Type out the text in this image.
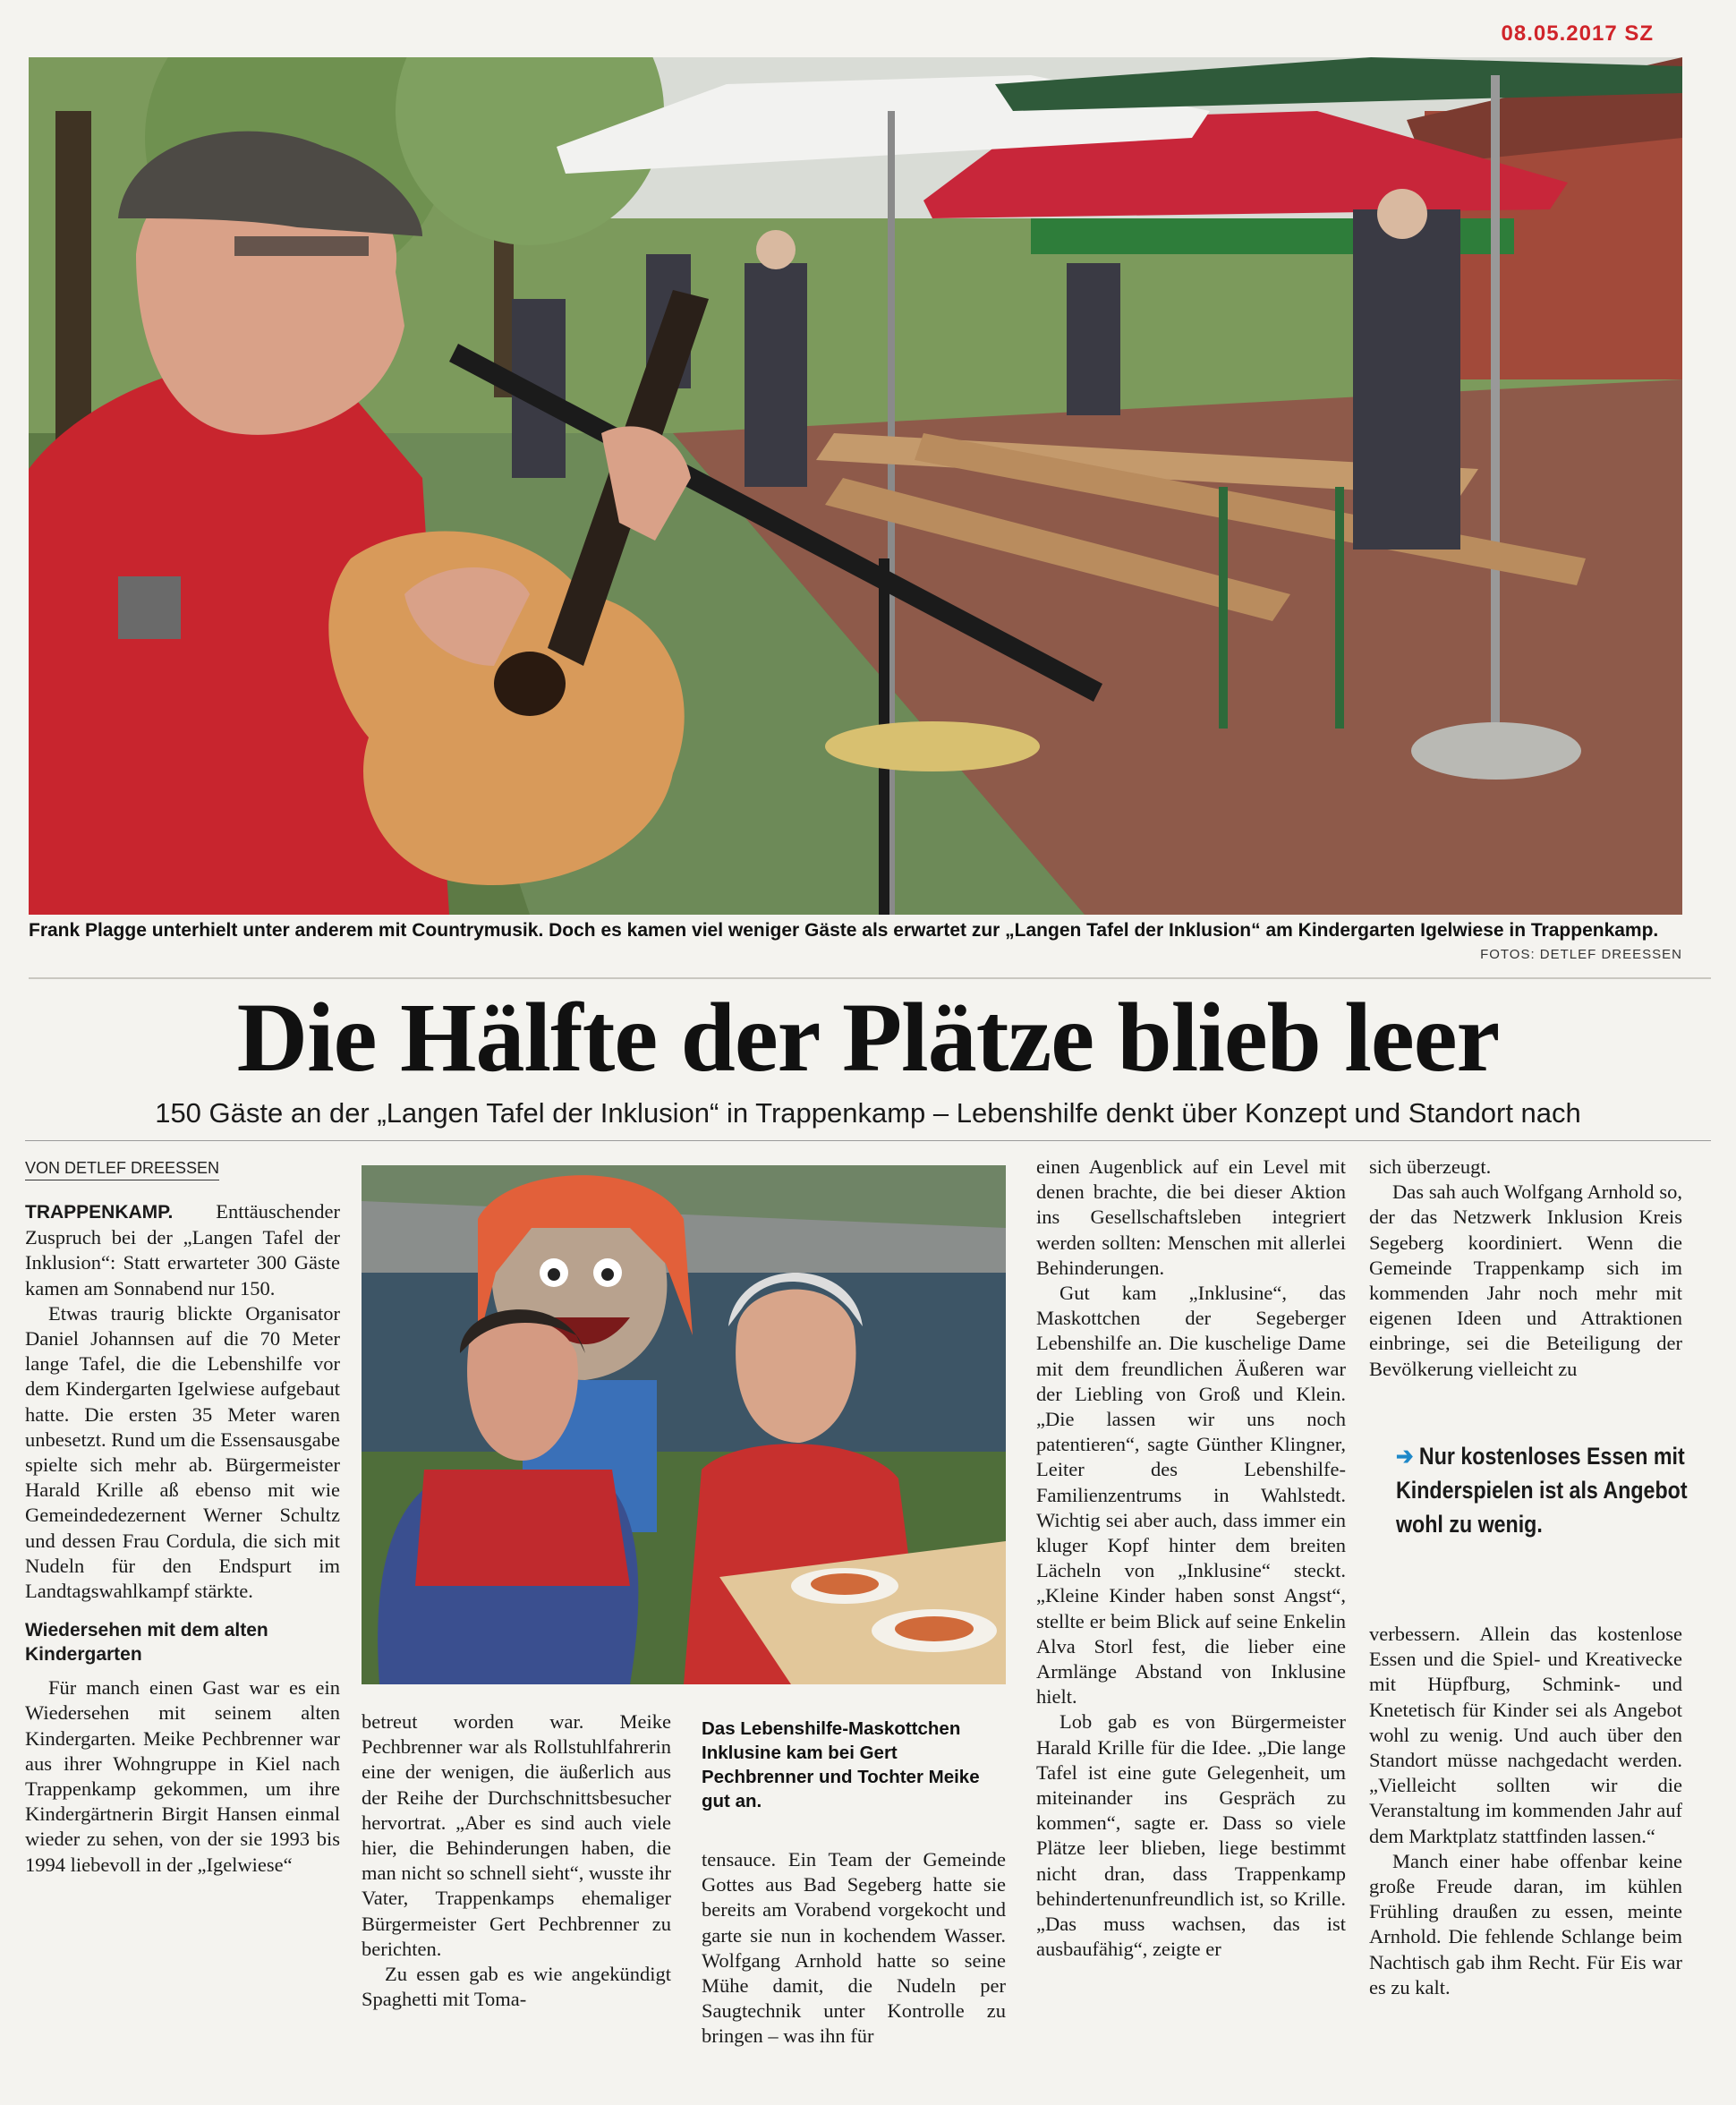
08.05.2017 SZ
Frank Plagge unterhielt unter anderem mit Countrymusik. Doch es kamen viel weniger Gäste als erwartet zur „Langen Tafel der Inklusion“ am Kindergarten Igelwiese in Trappenkamp.
FOTOS: DETLEF DREESSEN
Die Hälfte der Plätze blieb leer
150 Gäste an der „Langen Tafel der Inklusion“ in Trappenkamp – Lebenshilfe denkt über Konzept und Standort nach
VON DETLEF DREESSEN

TRAPPENKAMP. Enttäuschender Zuspruch bei der „Langen Tafel der Inklusion“: Statt erwarteter 300 Gäste kamen am Sonnabend nur 150.

Etwas traurig blickte Organisator Daniel Johannsen auf die 70 Meter lange Tafel, die die Lebenshilfe vor dem Kindergarten Igelwiese aufgebaut hatte. Die ersten 35 Meter waren unbesetzt. Rund um die Essensausgabe spielte sich mehr ab. Bürgermeister Harald Krille aß ebenso mit wie Gemeindedezernent Werner Schultz und dessen Frau Cordula, die sich mit Nudeln für den Endspurt im Landtagswahlkampf stärkte.

Wiedersehen mit dem alten Kindergarten

Für manch einen Gast war es ein Wiedersehen mit seinem alten Kindergarten. Meike Pechbrenner war aus ihrer Wohngruppe in Kiel nach Trappenkamp gekommen, um ihre Kindergärtnerin Birgit Hansen einmal wieder zu sehen, von der sie 1993 bis 1994 liebevoll in der „Igelwiese“

Das Lebenshilfe-Maskottchen Inklusine kam bei Gert Pechbrenner und Tochter Meike gut an.

betreut worden war. Meike Pechbrenner war als Rollstuhlfahrerin eine der wenigen, die äußerlich aus der Reihe der Durchschnittsbesucher hervortrat. „Aber es sind auch viele hier, die Behinderungen haben, die man nicht so schnell sieht“, wusste ihr Vater, Trappenkamps ehemaliger Bürgermeister Gert Pechbrenner zu berichten.

Zu essen gab es wie angekündigt Spaghetti mit Toma-

tensauce. Ein Team der Gemeinde Gottes aus Bad Segeberg hatte sie bereits am Vorabend vorgekocht und garte sie nun in kochendem Wasser. Wolfgang Arnhold hatte so seine Mühe damit, die Nudeln per Saugtechnik unter Kontrolle zu bringen – was ihn für

einen Augenblick auf ein Level mit denen brachte, die bei dieser Aktion ins Gesellschaftsleben integriert werden sollten: Menschen mit allerlei Behinderungen.

Gut kam „Inklusine“, das Maskottchen der Segeberger Lebenshilfe an. Die kuschelige Dame mit dem freundlichen Äußeren war der Liebling von Groß und Klein. „Die lassen wir uns noch patentieren“, sagte Günther Klingner, Leiter des Lebenshilfe-Familienzentrums in Wahlstedt. Wichtig sei aber auch, dass immer ein kluger Kopf hinter dem breiten Lächeln von „Inklusine“ steckt. „Kleine Kinder haben sonst Angst“, stellte er beim Blick auf seine Enkelin Alva Storl fest, die lieber eine Armlänge Abstand von Inklusine hielt.

Lob gab es von Bürgermeister Harald Krille für die Idee. „Die lange Tafel ist eine gute Gelegenheit, um miteinander ins Gespräch zu kommen“, sagte er. Dass so viele Plätze leer blieben, liege bestimmt nicht dran, dass Trappenkamp behindertenunfreundlich ist, so Krille. „Das muss wachsen, das ist ausbaufähig“, zeigte er

sich überzeugt.

Das sah auch Wolfgang Arnhold so, der das Netzwerk Inklusion Kreis Segeberg koordiniert. Wenn die Gemeinde Trappenkamp sich im kommenden Jahr noch mehr mit eigenen Ideen und Attraktionen einbringe, sei die Beteiligung der Bevölkerung vielleicht zu

➔ Nur kostenloses Essen mit Kinderspielen ist als Angebot wohl zu wenig.

verbessern. Allein das kostenlose Essen und die Spiel- und Kreativecke mit Hüpfburg, Schmink- und Knetetisch für Kinder sei als Angebot wohl zu wenig. Und auch über den Standort müsse nachgedacht werden. „Vielleicht sollten wir die Veranstaltung im kommenden Jahr auf dem Marktplatz stattfinden lassen.“

Manch einer habe offenbar keine große Freude daran, im kühlen Frühling draußen zu essen, meinte Arnhold. Die fehlende Schlange beim Nachtisch gab ihm Recht. Für Eis war es zu kalt.
